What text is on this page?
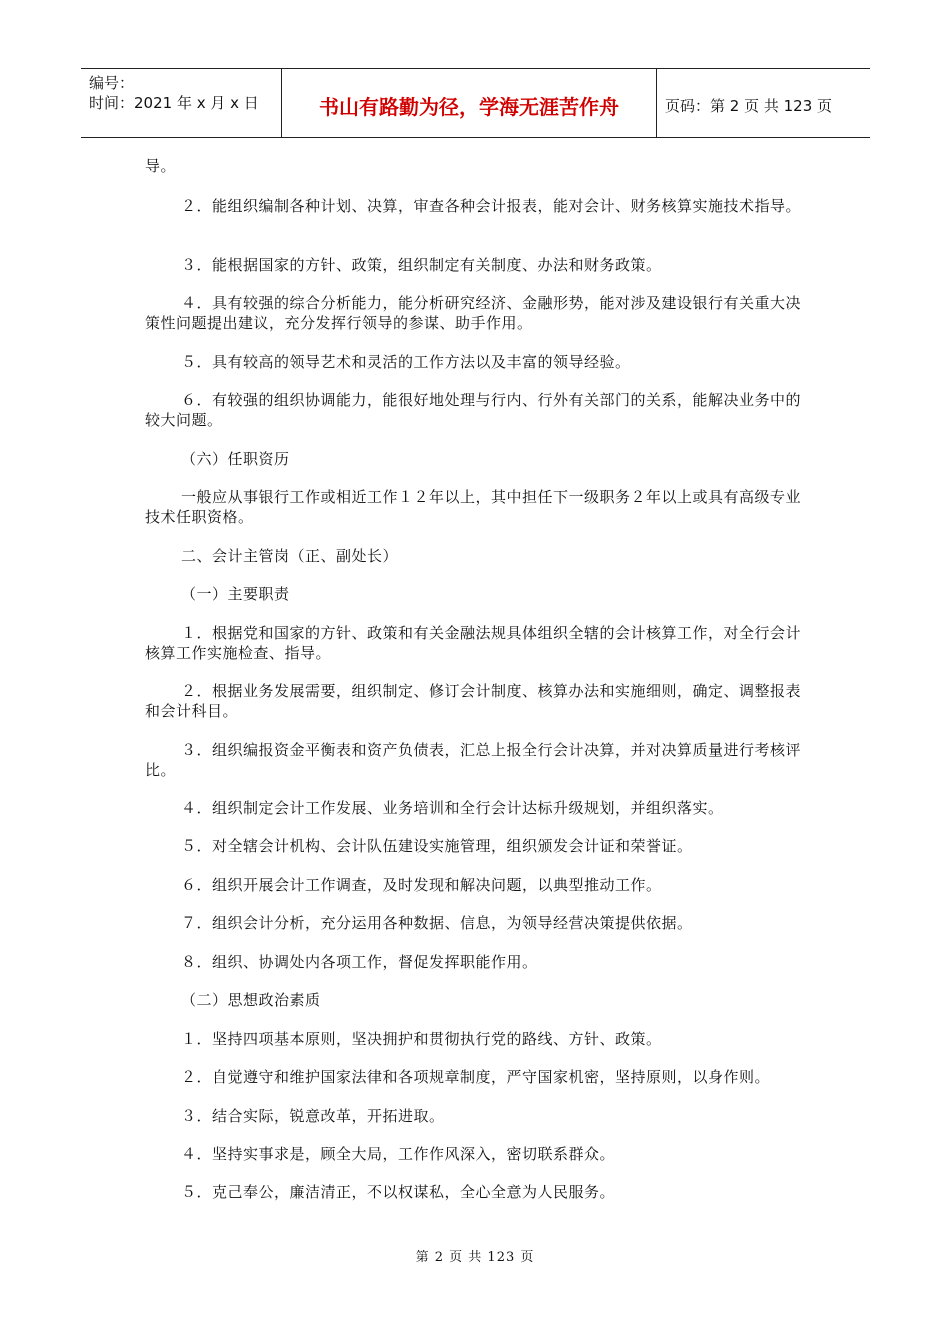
编号：
时间：2021 年 x 月 x 日	书山有路勤为径，学海无涯苦作舟	页码：第 2 页 共 123 页

导。

２．能组织编制各种计划、决算，审查各种会计报表，能对会计、财务核算实施技术指导。

３．能根据国家的方针、政策，组织制定有关制度、办法和财务政策。

４．具有较强的综合分析能力，能分析研究经济、金融形势，能对涉及建设银行有关重大决策性问题提出建议，充分发挥行领导的参谋、助手作用。

５．具有较高的领导艺术和灵活的工作方法以及丰富的领导经验。

６．有较强的组织协调能力，能很好地处理与行内、行外有关部门的关系，能解决业务中的较大问题。

（六）任职资历

一般应从事银行工作或相近工作１２年以上，其中担任下一级职务２年以上或具有高级专业技术任职资格。

二、会计主管岗（正、副处长）

（一）主要职责

１．根据党和国家的方针、政策和有关金融法规具体组织全辖的会计核算工作，对全行会计核算工作实施检查、指导。

２．根据业务发展需要，组织制定、修订会计制度、核算办法和实施细则，确定、调整报表和会计科目。

３．组织编报资金平衡表和资产负债表，汇总上报全行会计决算，并对决算质量进行考核评比。

４．组织制定会计工作发展、业务培训和全行会计达标升级规划，并组织落实。

５．对全辖会计机构、会计队伍建设实施管理，组织颁发会计证和荣誉证。

６．组织开展会计工作调查，及时发现和解决问题，以典型推动工作。

７．组织会计分析，充分运用各种数据、信息，为领导经营决策提供依据。

８．组织、协调处内各项工作，督促发挥职能作用。

（二）思想政治素质

１．坚持四项基本原则，坚决拥护和贯彻执行党的路线、方针、政策。

２．自觉遵守和维护国家法律和各项规章制度，严守国家机密，坚持原则，以身作则。

３．结合实际，锐意改革，开拓进取。

４．坚持实事求是，顾全大局，工作作风深入，密切联系群众。

５．克己奉公，廉洁清正，不以权谋私，全心全意为人民服务。

第 2 页 共 123 页
